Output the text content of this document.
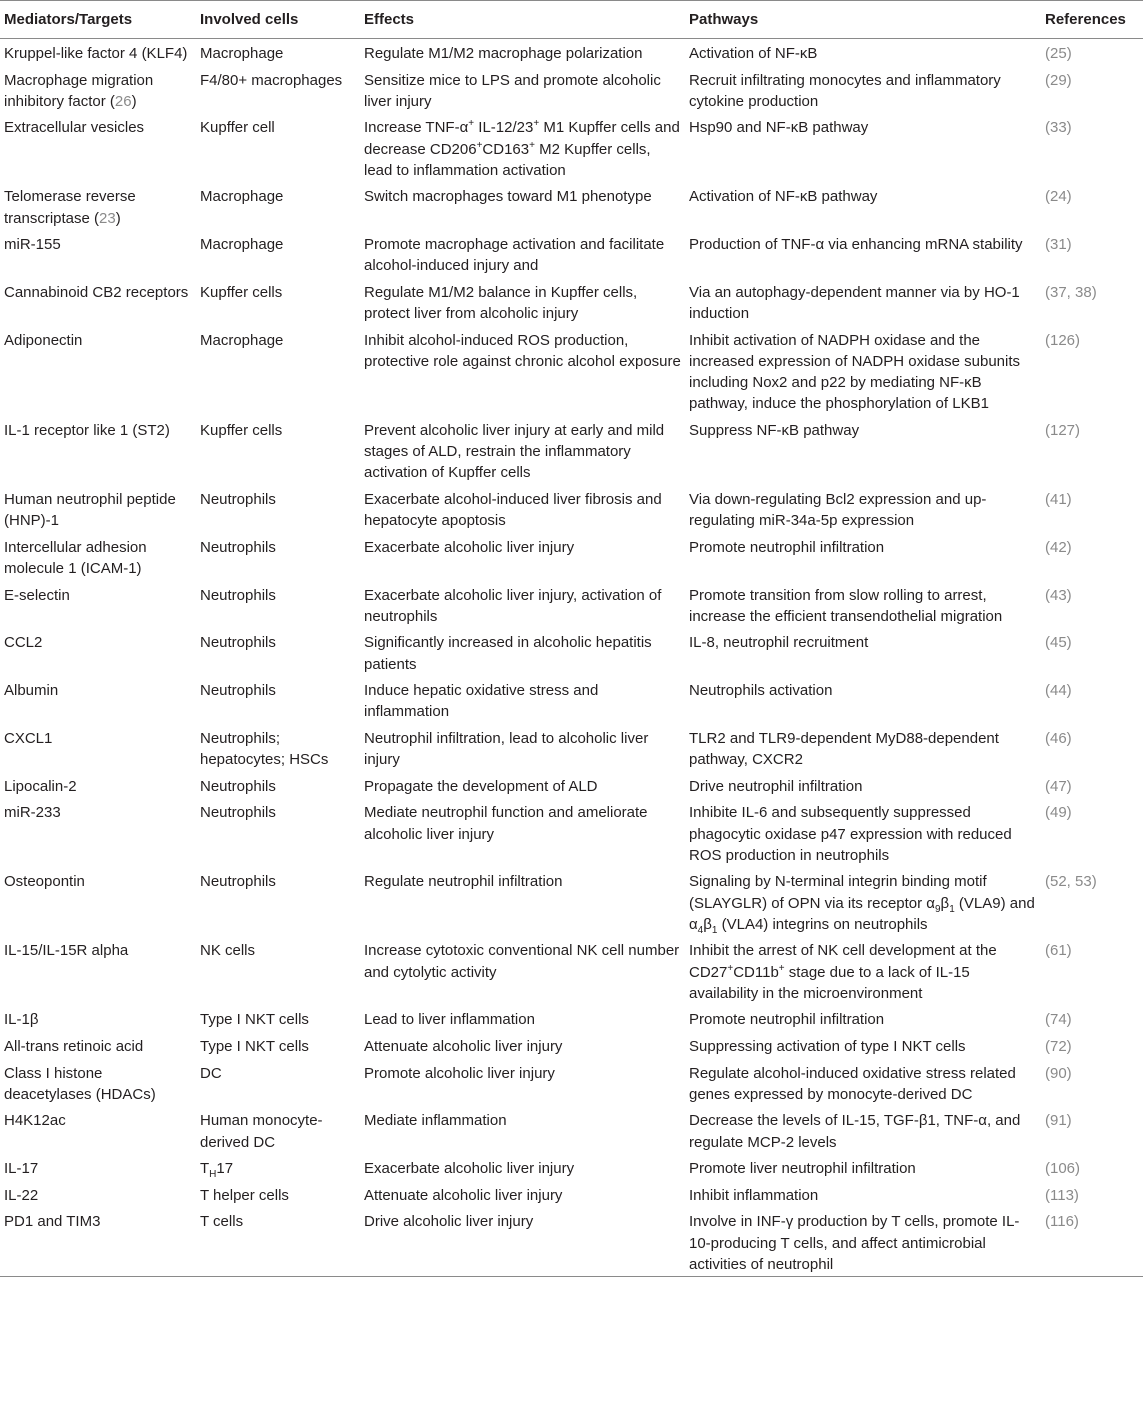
Mediators/Targets	Involved cells	Effects	Pathways	References
Kruppel-like factor 4 (KLF4)	Macrophage	Regulate M1/M2 macrophage polarization	Activation of NF-κB	(25)
Macrophage migration inhibitory factor (26)	F4/80+ macrophages	Sensitize mice to LPS and promote alcoholic liver injury	Recruit infiltrating monocytes and inflammatory cytokine production	(29)
Extracellular vesicles	Kupffer cell	Increase TNF-α+ IL-12/23+ M1 Kupffer cells and decrease CD206+CD163+ M2 Kupffer cells, lead to inflammation activation	Hsp90 and NF-κB pathway	(33)
Telomerase reverse transcriptase (23)	Macrophage	Switch macrophages toward M1 phenotype	Activation of NF-κB pathway	(24)
miR-155	Macrophage	Promote macrophage activation and facilitate alcohol-induced injury and	Production of TNF-α via enhancing mRNA stability	(31)
Cannabinoid CB2 receptors	Kupffer cells	Regulate M1/M2 balance in Kupffer cells, protect liver from alcoholic injury	Via an autophagy-dependent manner via by HO-1 induction	(37, 38)
Adiponectin	Macrophage	Inhibit alcohol-induced ROS production, protective role against chronic alcohol exposure	Inhibit activation of NADPH oxidase and the increased expression of NADPH oxidase subunits including Nox2 and p22 by mediating NF-κB pathway, induce the phosphorylation of LKB1	(126)
IL-1 receptor like 1 (ST2)	Kupffer cells	Prevent alcoholic liver injury at early and mild stages of ALD, restrain the inflammatory activation of Kupffer cells	Suppress NF-κB pathway	(127)
Human neutrophil peptide (HNP)-1	Neutrophils	Exacerbate alcohol-induced liver fibrosis and hepatocyte apoptosis	Via down-regulating Bcl2 expression and up-regulating miR-34a-5p expression	(41)
Intercellular adhesion molecule 1 (ICAM-1)	Neutrophils	Exacerbate alcoholic liver injury	Promote neutrophil infiltration	(42)
E-selectin	Neutrophils	Exacerbate alcoholic liver injury, activation of neutrophils	Promote transition from slow rolling to arrest, increase the efficient transendothelial migration	(43)
CCL2	Neutrophils	Significantly increased in alcoholic hepatitis patients	IL-8, neutrophil recruitment	(45)
Albumin	Neutrophils	Induce hepatic oxidative stress and inflammation	Neutrophils activation	(44)
CXCL1	Neutrophils; hepatocytes; HSCs	Neutrophil infiltration, lead to alcoholic liver injury	TLR2 and TLR9-dependent MyD88-dependent pathway, CXCR2	(46)
Lipocalin-2	Neutrophils	Propagate the development of ALD	Drive neutrophil infiltration	(47)
miR-233	Neutrophils	Mediate neutrophil function and ameliorate alcoholic liver injury	Inhibite IL-6 and subsequently suppressed phagocytic oxidase p47 expression with reduced ROS production in neutrophils	(49)
Osteopontin	Neutrophils	Regulate neutrophil infiltration	Signaling by N-terminal integrin binding motif (SLAYGLR) of OPN via its receptor $\alpha_9\beta_1$ (VLA9) and $\alpha_4\beta_1$ (VLA4) integrins on neutrophils	(52, 53)
IL-15/IL-15R alpha	NK cells	Increase cytotoxic conventional NK cell number and cytolytic activity	Inhibit the arrest of NK cell development at the CD27+CD11b+ stage due to a lack of IL-15 availability in the microenvironment	(61)
IL-1β	Type I NKT cells	Lead to liver inflammation	Promote neutrophil infiltration	(74)
All-trans retinoic acid	Type I NKT cells	Attenuate alcoholic liver injury	Suppressing activation of type I NKT cells	(72)
Class I histone deacetylases (HDACs)	DC	Promote alcoholic liver injury	Regulate alcohol-induced oxidative stress related genes expressed by monocyte-derived DC	(90)
H4K12ac	Human monocyte-derived DC	Mediate inflammation	Decrease the levels of IL-15, TGF-β1, TNF-α, and regulate MCP-2 levels	(91)
IL-17	$T_H17$	Exacerbate alcoholic liver injury	Promote liver neutrophil infiltration	(106)
IL-22	T helper cells	Attenuate alcoholic liver injury	Inhibit inflammation	(113)
PD1 and TIM3	T cells	Drive alcoholic liver injury	Involve in INF-γ production by T cells, promote IL-10-producing T cells, and affect antimicrobial activities of neutrophil	(116)
